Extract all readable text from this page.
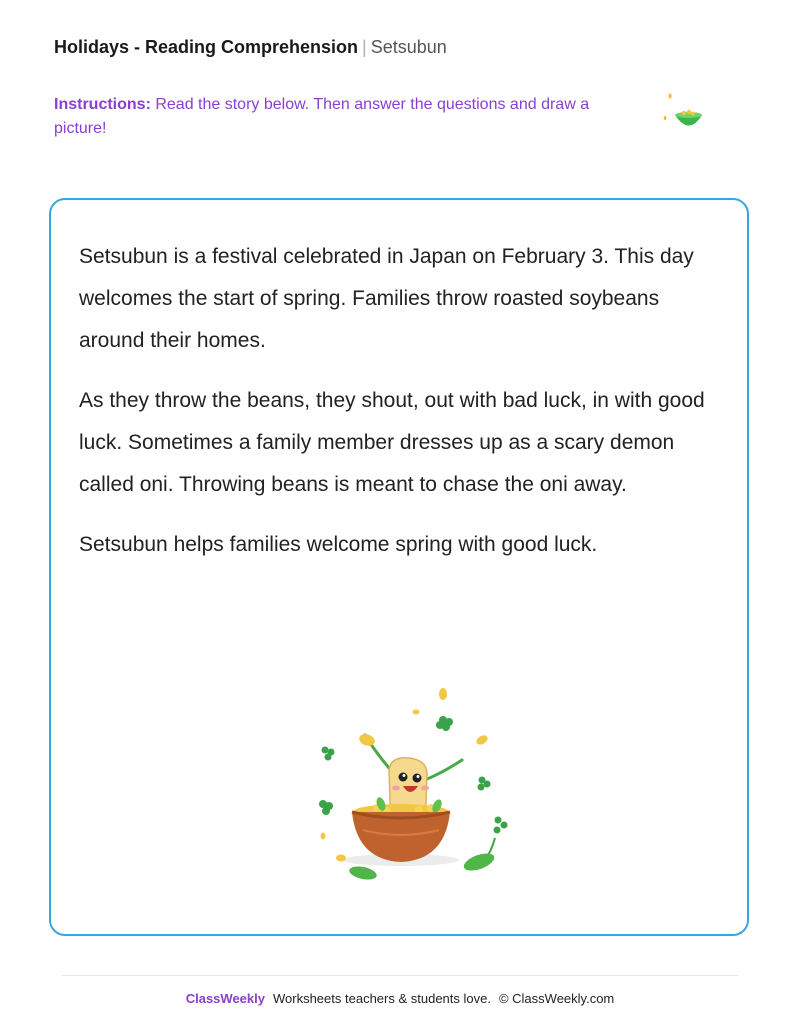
Holidays - Reading Comprehension | Setsubun
Instructions: Read the story below. Then answer the questions and draw a picture!

Setsubun is a festival celebrated in Japan on February 3. This day welcomes the start of spring. Families throw roasted soybeans around their homes.

As they throw the beans, they shout, out with bad luck, in with good luck. Sometimes a family member dresses up as a scary demon called oni. Throwing beans is meant to chase the oni away.

Setsubun helps families welcome spring with good luck.

ClassWeekly Worksheets teachers & students love. © ClassWeekly.com
